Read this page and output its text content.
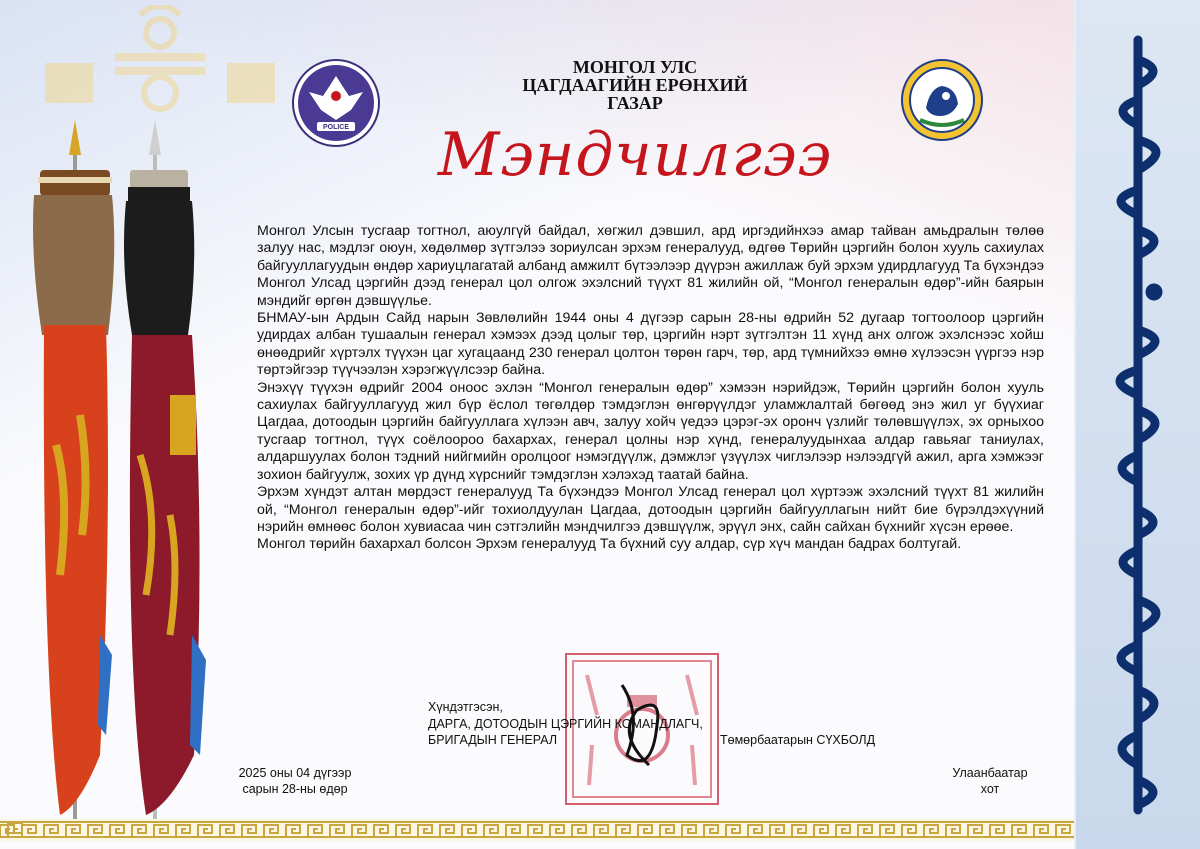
POLICE
МОНГОЛ УЛС
ЦАГДААГИЙН ЕРӨНХИЙ
ГАЗАР
Мэндчилгээ

Монгол Улсын тусгаар тогтнол, аюулгүй байдал, хөгжил дэвшил, ард иргэдийнхээ амар тайван амьдралын төлөө залуу нас, мэдлэг оюун, хөдөлмөр зүтгэлээ зориулсан эрхэм генералууд, өдгөө Төрийн цэргийн болон хууль сахиулах байгууллагуудын өндөр хариуцлагатай албанд амжилт бүтээлээр дүүрэн ажиллаж буй эрхэм удирдлагууд Та бүхэндээ Монгол Улсад цэргийн дээд генерал цол олгож эхэлсний түүхт 81 жилийн ой, “Монгол генералын өдөр”-ийн баярын мэндийг өргөн дэвшүүлье.

БНМАУ-ын Ардын Сайд нарын Зөвлөлийн 1944 оны 4 дүгээр сарын 28-ны өдрийн 52 дугаар тогтоолоор цэргийн удирдах албан тушаалын генерал хэмээх дээд цолыг төр, цэргийн нэрт зүтгэлтэн 11 хүнд анх олгож эхэлснээс хойш өнөөдрийг хүртэлх түүхэн цаг хугацаанд 230 генерал цолтон төрөн гарч, төр, ард түмнийхээ өмнө хүлээсэн үүргээ нэр төртэйгээр түүчээлэн хэрэгжүүлсээр байна.

Энэхүү түүхэн өдрийг 2004 оноос эхлэн “Монгол генералын өдөр” хэмээн нэрийдэж, Төрийн цэргийн болон хууль сахиулах байгууллагууд жил бүр ёслол төгөлдөр тэмдэглэн өнгөрүүлдэг уламжлалтай бөгөөд энэ жил уг бүүхиаг Цагдаа, дотоодын цэргийн байгууллага хүлээн авч, залуу хойч үедээ цэрэг-эх оронч үзлийг төлөвшүүлэх, эх орныхоо тусгаар тогтнол, түүх соёлоороо бахархах, генерал цолны нэр хүнд, генералуудынхаа алдар гавьяаг таниулах, алдаршуулах болон тэдний нийгмийн оролцоог нэмэгдүүлж, дэмжлэг үзүүлэх чиглэлээр нэлээдгүй ажил, арга хэмжээг зохион байгуулж, зохих үр дүнд хүрснийг тэмдэглэн хэлэхэд таатай байна.

Эрхэм хүндэт алтан мөрдэст генералууд Та бүхэндээ Монгол Улсад генерал цол хүртээж эхэлсний түүхт 81 жилийн ой, “Монгол генералын өдөр”-ийг тохиолдуулан Цагдаа, дотоодын цэргийн байгууллагын нийт бие бүрэлдэхүүний нэрийн өмнөөс болон хувиасаа чин сэтгэлийн мэндчилгээ дэвшүүлж, эрүүл энх, сайн сайхан бүхнийг хүсэн ерөөе.

Монгол төрийн бахархал болсон Эрхэм генералууд Та бүхний суу алдар, сүр хүч мандан бадрах болтугай.

Хүндэтгэсэн,
ДАРГА, ДОТООДЫН ЦЭРГИЙН КОМАНДЛАГЧ,
БРИГАДЫН ГЕНЕРАЛ	Төмөрбаатарын СҮХБОЛД
2025 оны 04 дүгээр
сарын 28-ны өдөр
Улаанбаатар
хот
